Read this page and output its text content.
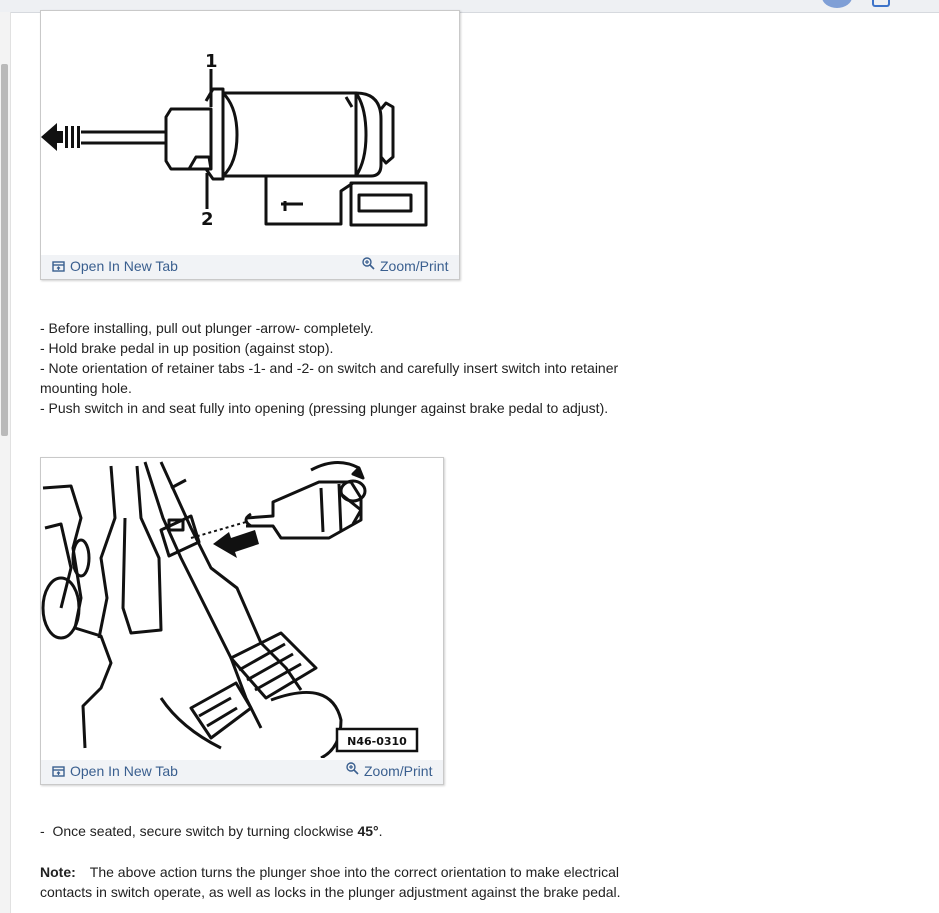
1
2
Open In New Tab	Zoom/Print
- Before installing, pull out plunger -arrow- completely.
- Hold brake pedal in up position (against stop).
- Note orientation of retainer tabs -1- and -2- on switch and carefully insert switch into retainer mounting hole.
- Push switch in and seat fully into opening (pressing plunger against brake pedal to adjust).
N46-0310
Open In New Tab	Zoom/Print
-  Once seated, secure switch by turning clockwise 45°.
Note: The above action turns the plunger shoe into the correct orientation to make electrical contacts in switch operate, as well as locks in the plunger adjustment against the brake pedal.
